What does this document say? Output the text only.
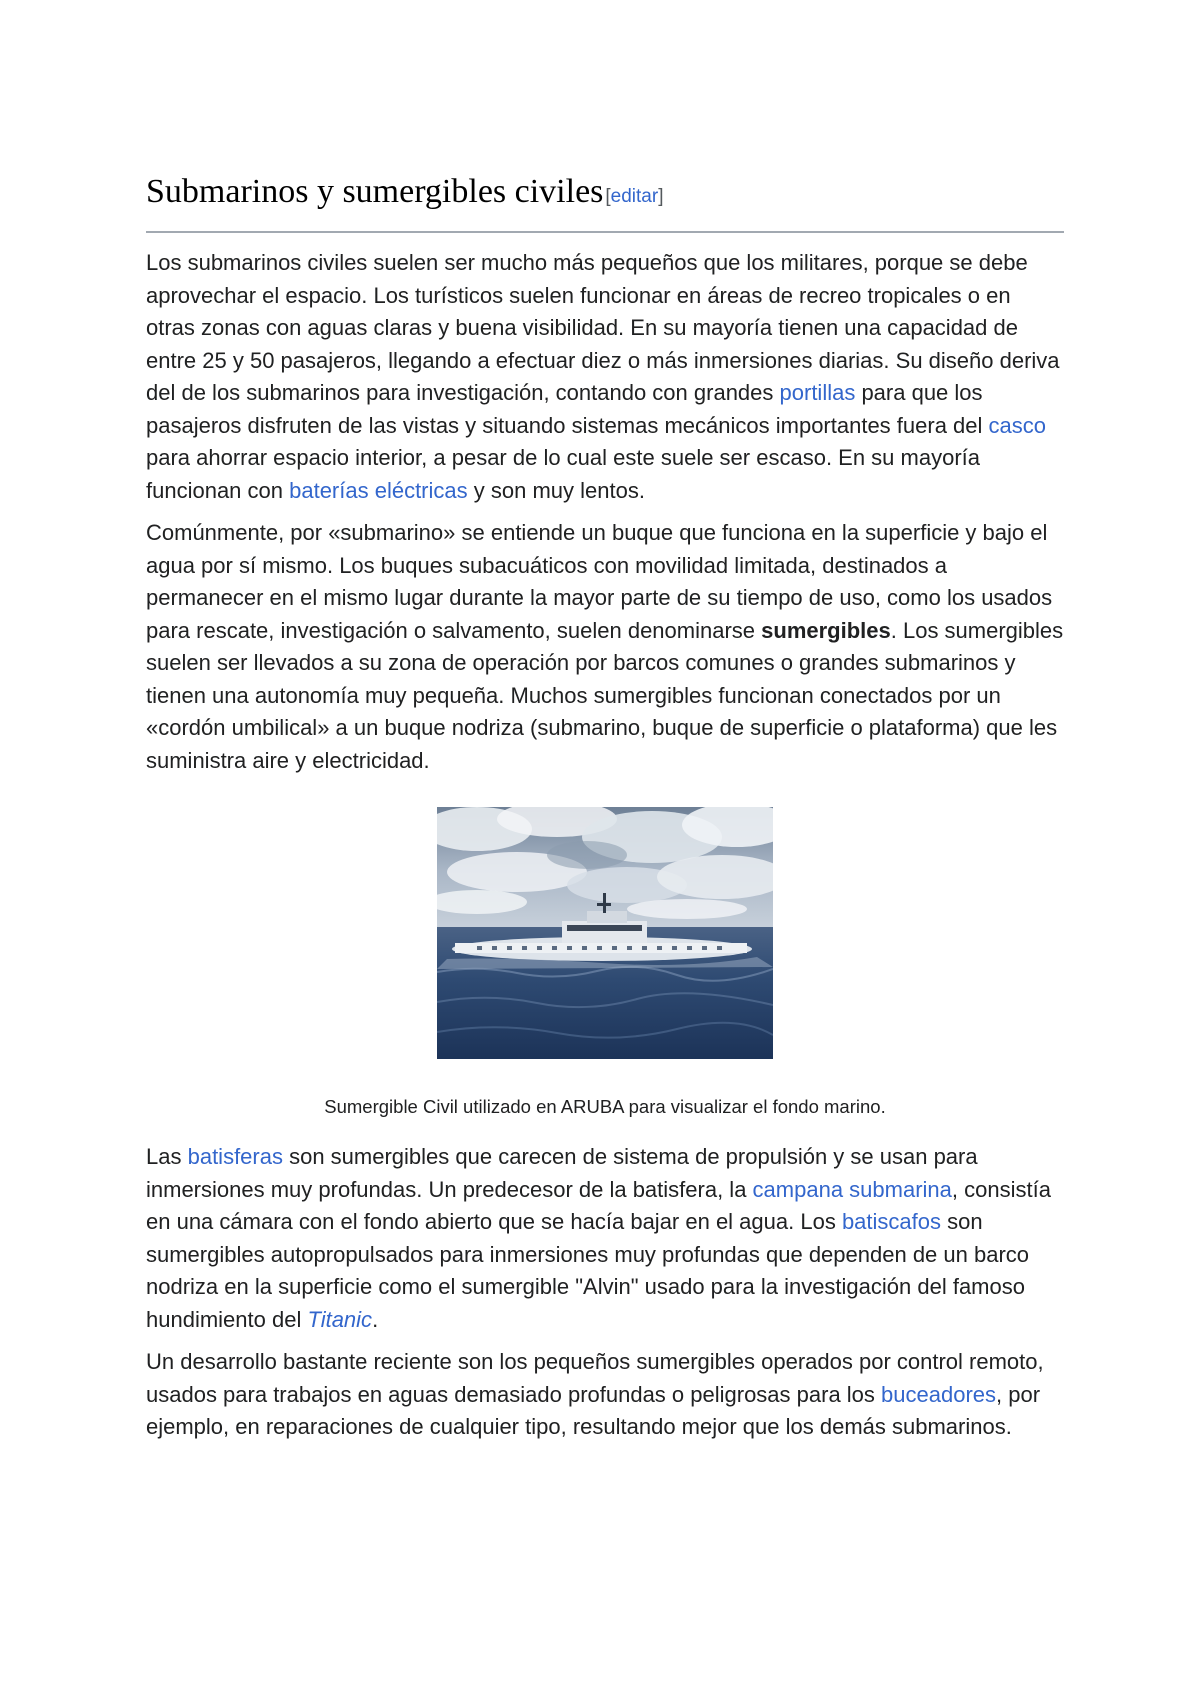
Submarinos y sumergibles civiles [editar]

Los submarinos civiles suelen ser mucho más pequeños que los militares, porque se debe aprovechar el espacio. Los turísticos suelen funcionar en áreas de recreo tropicales o en otras zonas con aguas claras y buena visibilidad. En su mayoría tienen una capacidad de entre 25 y 50 pasajeros, llegando a efectuar diez o más inmersiones diarias. Su diseño deriva del de los submarinos para investigación, contando con grandes portillas para que los pasajeros disfruten de las vistas y situando sistemas mecánicos importantes fuera del casco para ahorrar espacio interior, a pesar de lo cual este suele ser escaso. En su mayoría funcionan con baterías eléctricas y son muy lentos.

Comúnmente, por «submarino» se entiende un buque que funciona en la superficie y bajo el agua por sí mismo. Los buques subacuáticos con movilidad limitada, destinados a permanecer en el mismo lugar durante la mayor parte de su tiempo de uso, como los usados para rescate, investigación o salvamento, suelen denominarse sumergibles. Los sumergibles suelen ser llevados a su zona de operación por barcos comunes o grandes submarinos y tienen una autonomía muy pequeña. Muchos sumergibles funcionan conectados por un «cordón umbilical» a un buque nodriza (submarino, buque de superficie o plataforma) que les suministra aire y electricidad.

Sumergible Civil utilizado en ARUBA para visualizar el fondo marino.

Las batisferas son sumergibles que carecen de sistema de propulsión y se usan para inmersiones muy profundas. Un predecesor de la batisfera, la campana submarina, consistía en una cámara con el fondo abierto que se hacía bajar en el agua. Los batiscafos son sumergibles autopropulsados para inmersiones muy profundas que dependen de un barco nodriza en la superficie como el sumergible "Alvin" usado para la investigación del famoso hundimiento del Titanic.

Un desarrollo bastante reciente son los pequeños sumergibles operados por control remoto, usados para trabajos en aguas demasiado profundas o peligrosas para los buceadores, por ejemplo, en reparaciones de cualquier tipo, resultando mejor que los demás submarinos.
